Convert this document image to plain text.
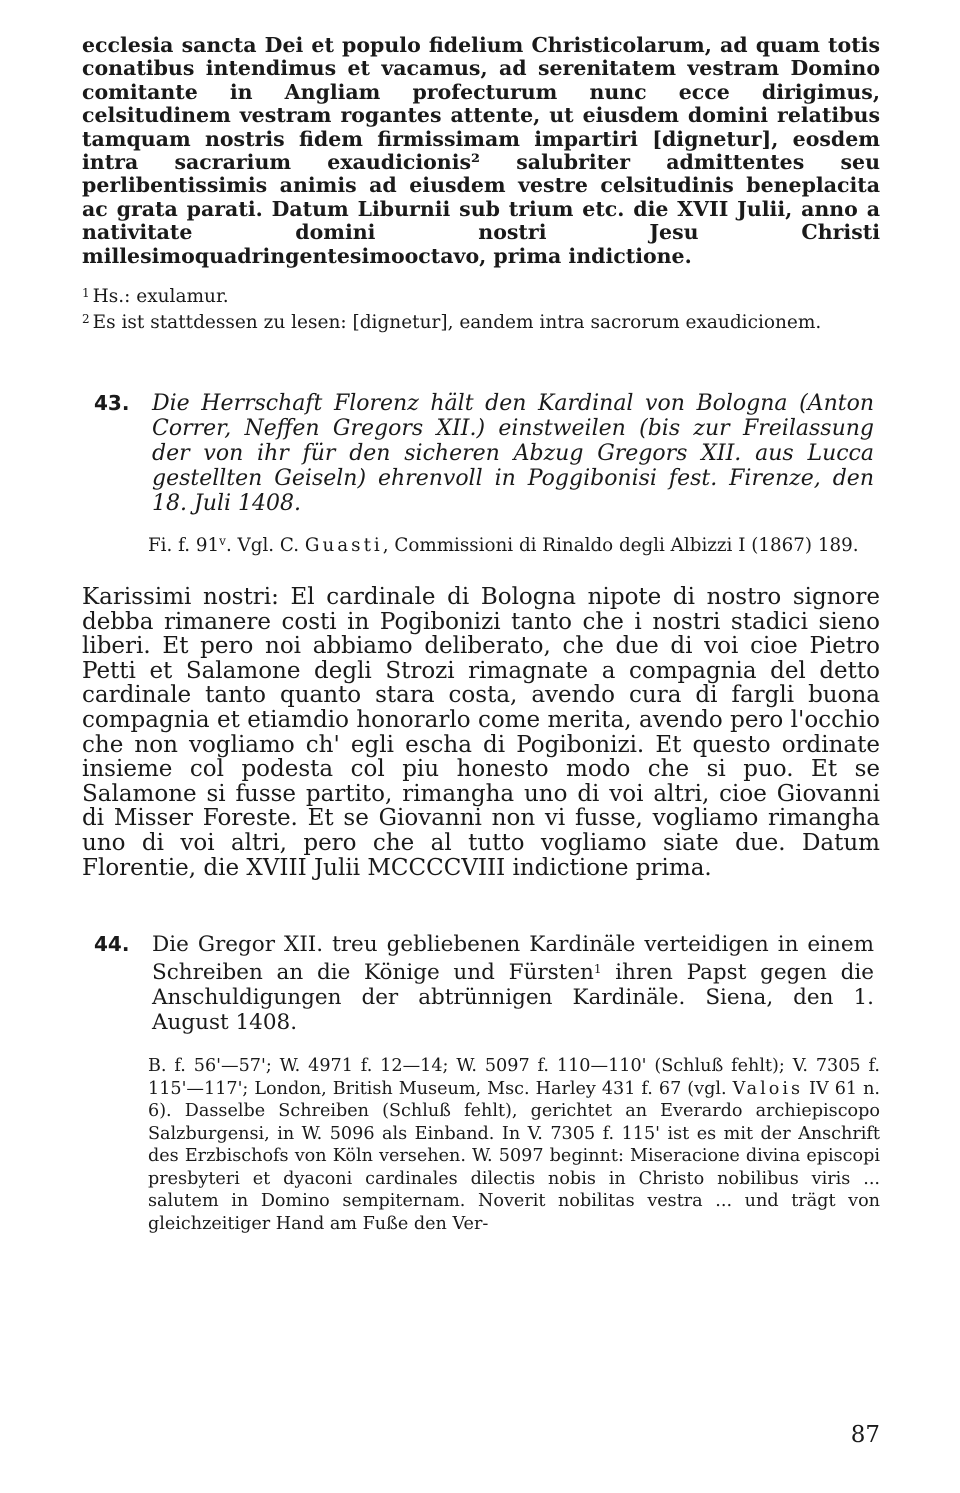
ecclesia sancta Dei et populo fidelium Christicolarum, ad quam totis conatibus intendimus et vacamus, ad serenitatem vestram Domino comitante in Angliam profecturum nunc ecce dirigimus, celsitudinem vestram rogantes attente, ut eiusdem domini relatibus tamquam nostris fidem firmissimam impartiri [dignetur], eosdem intra sacrarium exaudicionis² salubriter admittentes seu perlibentissimis animis ad eiusdem vestre celsitudinis beneplacita ac grata parati. Datum Liburnii sub trium etc. die XVII Julii, anno a nativitate domini nostri Jesu Christi millesimoquadringentesimooctavo, prima indictione.

$^1$ Hs.: exulamur.

$^2$ Es ist stattdessen zu lesen: [dignetur], eandem intra sacrorum exaudicionem.

43.	Die Herrschaft Florenz hält den Kardinal von Bologna (Anton Correr, Neffen Gregors XII.) einstweilen (bis zur Freilassung der von ihr für den sicheren Abzug Gregors XII. aus Lucca gestellten Geiseln) ehrenvoll in Poggibonisi fest. Firenze, den 18. Juli 1408.

Fi. f. 91$^v$. Vgl. C. Guasti, Commissioni di Rinaldo degli Albizzi I (1867) 189.

Karissimi nostri: El cardinale di Bologna nipote di nostro signore debba rimanere costi in Pogibonizi tanto che i nostri stadici sieno liberi. Et pero noi abbiamo deliberato, che due di voi cioe Pietro Petti et Salamone degli Strozi rimagnate a compagnia del detto cardinale tanto quanto stara costa, avendo cura di fargli buona compagnia et etiamdio honorarlo come merita, avendo pero l'occhio che non vogliamo ch' egli escha di Pogibonizi. Et questo ordinate insieme col podesta col piu honesto modo che si puo. Et se Salamone si fusse partito, rimangha uno di voi altri, cioe Giovanni di Misser Foreste. Et se Giovanni non vi fusse, vogliamo rimangha uno di voi altri, pero che al tutto vogliamo siate due. Datum Florentie, die XVIII Julii MCCCCVIII indictione prima.

44.	Die Gregor XII. treu gebliebenen Kardinäle verteidigen in einem Schreiben an die Könige und Fürsten$^1$ ihren Papst gegen die Anschuldigungen der abtrünnigen Kardinäle. Siena, den 1. August 1408.

B. f. 56'—57'; W. 4971 f. 12—14; W. 5097 f. 110—110' (Schluß fehlt); V. 7305 f. 115'—117'; London, British Museum, Msc. Harley 431 f. 67 (vgl. Valois IV 61 n. 6). Dasselbe Schreiben (Schluß fehlt), gerichtet an Everardo archiepiscopo Salzburgensi, in W. 5096 als Einband. In V. 7305 f. 115' ist es mit der Anschrift des Erzbischofs von Köln versehen. W. 5097 beginnt: Miseracione divina episcopi presbyteri et dyaconi cardinales dilectis nobis in Christo nobilibus viris ... salutem in Domino sempiternam. Noverit nobilitas vestra ... und trägt von gleichzeitiger Hand am Fuße den Ver-

87
